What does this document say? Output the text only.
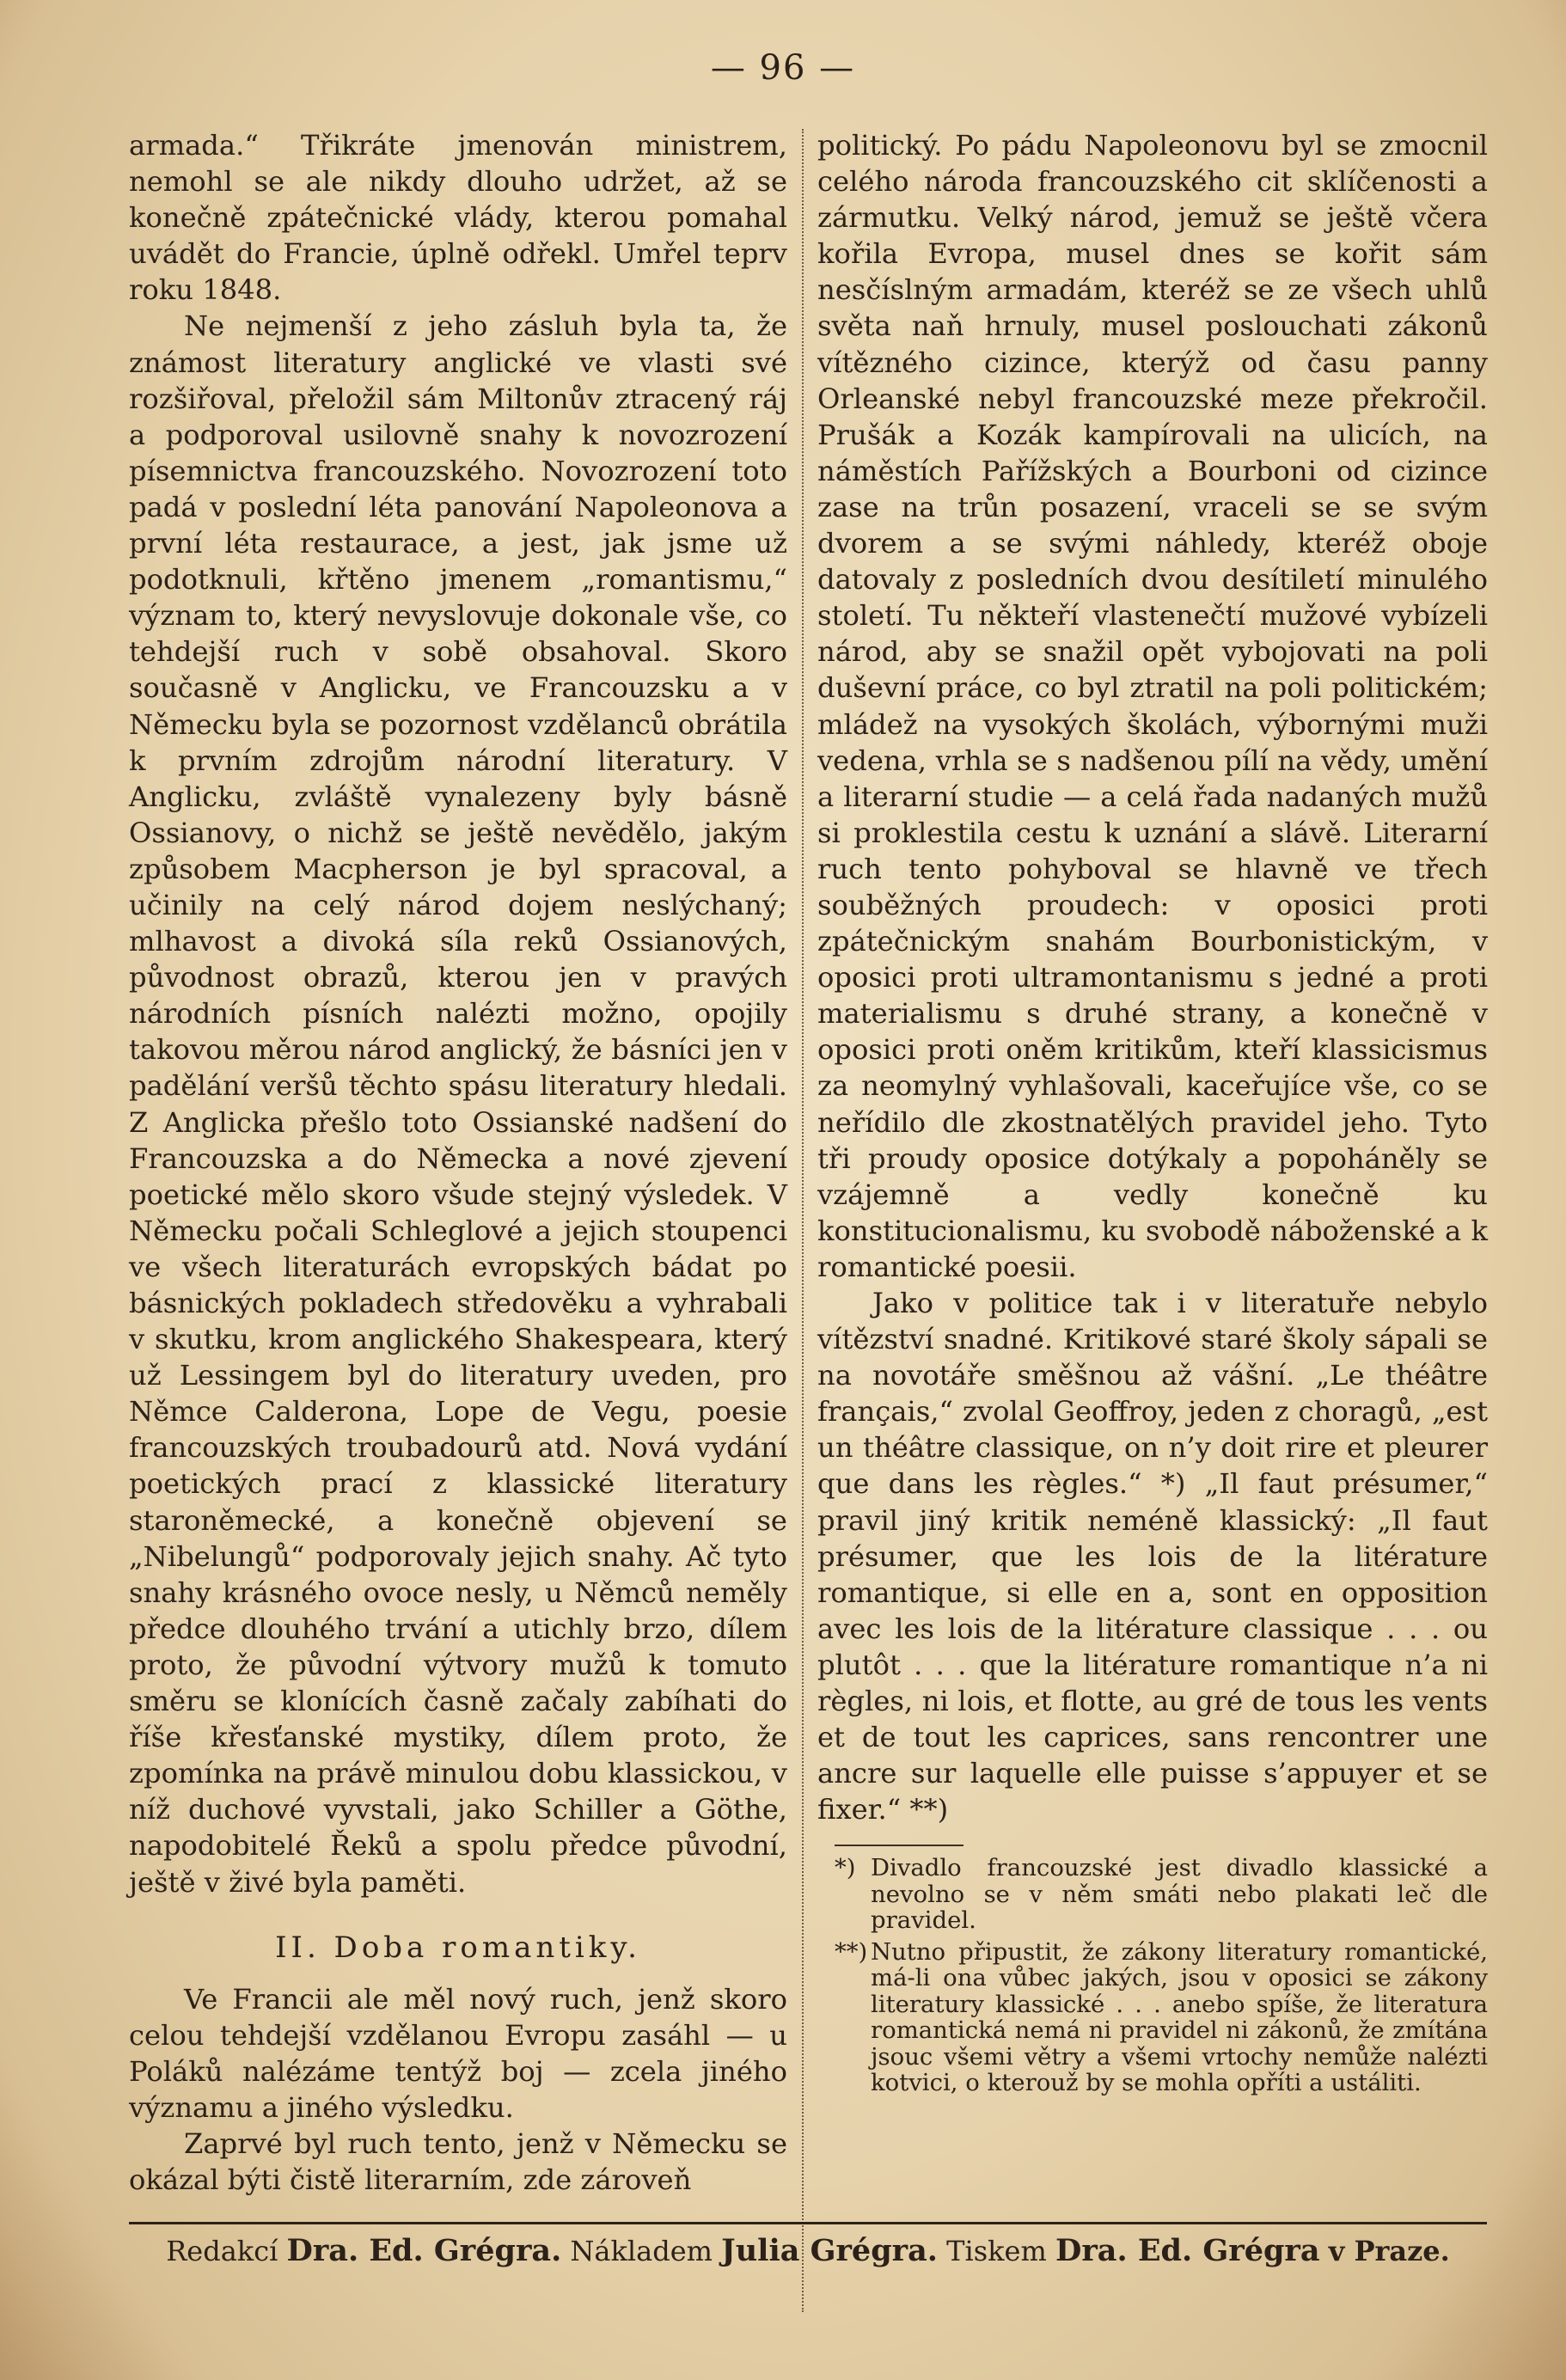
— 96 —

armada.“ Třikráte jmenován ministrem, nemohl se ale nikdy dlouho udržet, až se konečně zpátečnické vlády, kterou pomahal uvádět do Francie, úplně odřekl. Umřel teprv roku 1848.

Ne nejmenší z jeho zásluh byla ta, že známost literatury anglické ve vlasti své rozšiřoval, přeložil sám Miltonův ztracený ráj a podporoval usilovně snahy k novozrození písemnictva francouzského. Novozrození toto padá v poslední léta panování Napoleonova a první léta restaurace, a jest, jak jsme už podotknuli, křtěno jmenem „romantismu,“ význam to, který nevyslovuje dokonale vše, co tehdejší ruch v sobě obsahoval. Skoro současně v Anglicku, ve Francouzsku a v Německu byla se pozornost vzdělanců obrátila k prvním zdrojům národní literatury. V Anglicku, zvláště vynalezeny byly básně Ossianovy, o nichž se ještě nevědělo, jakým způsobem Macpherson je byl spracoval, a učinily na celý národ dojem neslýchaný; mlhavost a divoká síla reků Ossianových, původnost obrazů, kterou jen v pravých národních písních nalézti možno, opojily takovou měrou národ anglický, že básníci jen v padělání veršů těchto spásu literatury hledali. Z Anglicka přešlo toto Ossianské nadšení do Francouzska a do Německa a nové zjevení poetické mělo skoro všude stejný výsledek. V Německu počali Schleglové a jejich stoupenci ve všech literaturách evropských bádat po básnických pokladech středověku a vyhrabali v skutku, krom anglického Shakespeara, který už Lessingem byl do literatury uveden, pro Němce Calderona, Lope de Vegu, poesie francouzských troubadourů atd. Nová vydání poetických prací z klassické literatury staroněmecké, a konečně objevení se „Nibelungů“ podporovaly jejich snahy. Ač tyto snahy krásného ovoce nesly, u Němců neměly předce dlouhého trvání a utichly brzo, dílem proto, že původní výtvory mužů k tomuto směru se klonících časně začaly zabíhati do říše křesťanské mystiky, dílem proto, že zpomínka na právě minulou dobu klassickou, v níž duchové vyvstali, jako Schiller a Göthe, napodobitelé Řeků a spolu předce původní, ještě v živé byla paměti.

II. Doba romantiky.

Ve Francii ale měl nový ruch, jenž skoro celou tehdejší vzdělanou Evropu zasáhl — u Poláků nalézáme tentýž boj — zcela jiného významu a jiného výsledku.

Zaprvé byl ruch tento, jenž v Německu se okázal býti čistě literarním, zde zároveň

politický. Po pádu Napoleonovu byl se zmocnil celého národa francouzského cit sklíčenosti a zármutku. Velký národ, jemuž se ještě včera kořila Evropa, musel dnes se kořit sám nesčíslným armadám, kteréž se ze všech uhlů světa naň hrnuly, musel poslouchati zákonů vítězného cizince, kterýž od času panny Orleanské nebyl francouzské meze překročil. Prušák a Kozák kampírovali na ulicích, na náměstích Pařížských a Bourboni od cizince zase na trůn posazení, vraceli se se svým dvorem a se svými náhledy, kteréž oboje datovaly z posledních dvou desítiletí minulého století. Tu někteří vlastenečtí mužové vybízeli národ, aby se snažil opět vybojovati na poli duševní práce, co byl ztratil na poli politickém; mládež na vysokých školách, výbornými muži vedena, vrhla se s nadšenou pílí na vědy, umění a literarní studie — a celá řada nadaných mužů si proklestila cestu k uznání a slávě. Literarní ruch tento pohyboval se hlavně ve třech souběžných proudech: v oposici proti zpátečnickým snahám Bourbonistickým, v oposici proti ultramontanismu s jedné a proti materialismu s druhé strany, a konečně v oposici proti oněm kritikům, kteří klassicismus za neomylný vyhlašovali, kaceřujíce vše, co se neřídilo dle zkostnatělých pravidel jeho. Tyto tři proudy oposice dotýkaly a popoháněly se vzájemně a vedly konečně ku konstitucionalismu, ku svobodě náboženské a k romantické poesii.

Jako v politice tak i v literatuře nebylo vítězství snadné. Kritikové staré školy sápali se na novotáře směšnou až vášní. „Le théâtre français,“ zvolal Geoffroy, jeden z choragů, „est un théâtre classique, on n’y doit rire et pleurer que dans les règles.“ *) „Il faut présumer,“ pravil jiný kritik neméně klassický: „Il faut présumer, que les lois de la litérature romantique, si elle en a, sont en opposition avec les lois de la litérature classique . . . ou plutôt . . . que la litérature romantique n’a ni règles, ni lois, et flotte, au gré de tous les vents et de tout les caprices, sans rencontrer une ancre sur laquelle elle puisse s’appuyer et se fixer.“ **)

*) Divadlo francouzské jest divadlo klassické a nevolno se v něm smáti nebo plakati leč dle pravidel.
**) Nutno připustit, že zákony literatury romantické, má-li ona vůbec jakých, jsou v oposici se zákony literatury klassické . . . anebo spíše, že literatura romantická nemá ni pravidel ni zákonů, že zmítána jsouc všemi větry a všemi vrtochy nemůže nalézti kotvici, o kterouž by se mohla opříti a ustáliti.
Redakcí Dra. Ed. Grégra. Nákladem Julia Grégra. Tiskem Dra. Ed. Grégra v Praze.
